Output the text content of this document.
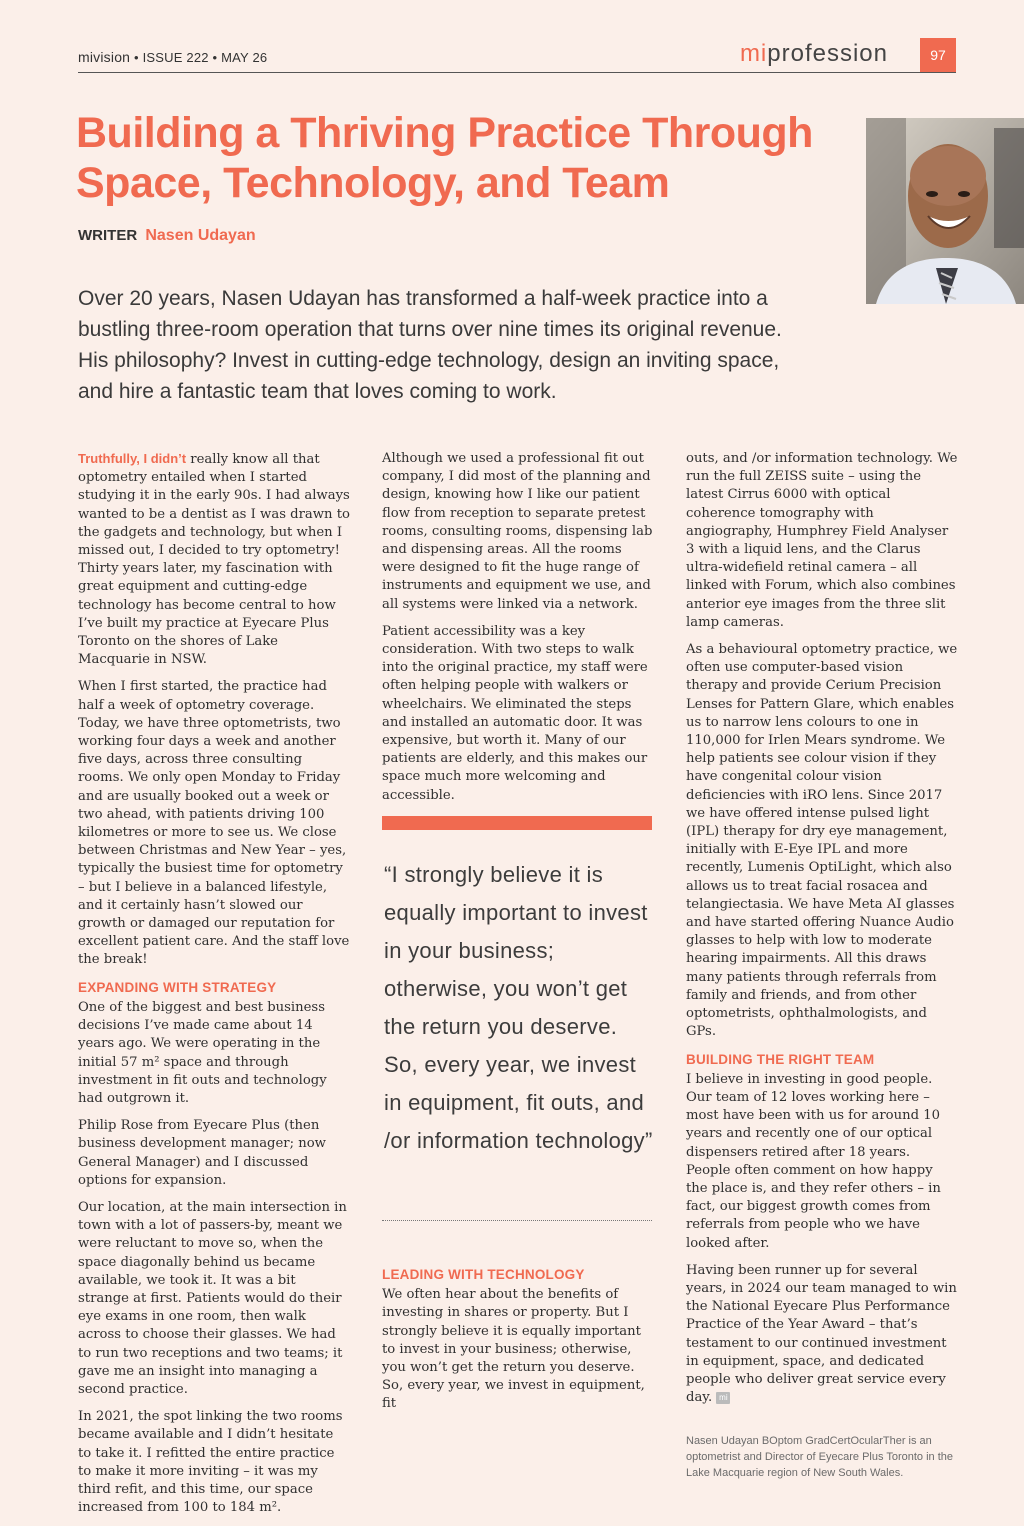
mivision • ISSUE 222 • MAY 26	miprofession	97
Building a Thriving Practice Through Space, Technology, and Team
WRITER Nasen Udayan

Over 20 years, Nasen Udayan has transformed a half-week practice into a bustling three-room operation that turns over nine times its original revenue. His philosophy? Invest in cutting-edge technology, design an inviting space, and hire a fantastic team that loves coming to work.

Truthfully, I didn’t really know all that optometry entailed when I started studying it in the early 90s. I had always wanted to be a dentist as I was drawn to the gadgets and technology, but when I missed out, I decided to try optometry! Thirty years later, my fascination with great equipment and cutting-edge technology has become central to how I’ve built my practice at Eyecare Plus Toronto on the shores of Lake Macquarie in NSW.

When I first started, the practice had half a week of optometry coverage. Today, we have three optometrists, two working four days a week and another five days, across three consulting rooms. We only open Monday to Friday and are usually booked out a week or two ahead, with patients driving 100 kilometres or more to see us. We close between Christmas and New Year – yes, typically the busiest time for optometry – but I believe in a balanced lifestyle, and it certainly hasn’t slowed our growth or damaged our reputation for excellent patient care. And the staff love the break!

EXPANDING WITH STRATEGY

One of the biggest and best business decisions I’ve made came about 14 years ago. We were operating in the initial 57 m² space and through investment in fit outs and technology had outgrown it.

Philip Rose from Eyecare Plus (then business development manager; now General Manager) and I discussed options for expansion.

Our location, at the main intersection in town with a lot of passers-by, meant we were reluctant to move so, when the space diagonally behind us became available, we took it. It was a bit strange at first. Patients would do their eye exams in one room, then walk across to choose their glasses. We had to run two receptions and two teams; it gave me an insight into managing a second practice.

In 2021, the spot linking the two rooms became available and I didn’t hesitate to take it. I refitted the entire practice to make it more inviting – it was my third refit, and this time, our space increased from 100 to 184 m².

Although we used a professional fit out company, I did most of the planning and design, knowing how I like our patient flow from reception to separate pretest rooms, consulting rooms, dispensing lab and dispensing areas. All the rooms were designed to fit the huge range of instruments and equipment we use, and all systems were linked via a network.

Patient accessibility was a key consideration. With two steps to walk into the original practice, my staff were often helping people with walkers or wheelchairs. We eliminated the steps and installed an automatic door. It was expensive, but worth it. Many of our patients are elderly, and this makes our space much more welcoming and accessible.

“I strongly believe it is equally important to invest in your business; otherwise, you won’t get the return you deserve. So, every year, we invest in equipment, fit outs, and /or information technology”
LEADING WITH TECHNOLOGY

We often hear about the benefits of investing in shares or property. But I strongly believe it is equally important to invest in your business; otherwise, you won’t get the return you deserve. So, every year, we invest in equipment, fit

outs, and /or information technology. We run the full ZEISS suite – using the latest Cirrus 6000 with optical coherence tomography with angiography, Humphrey Field Analyser 3 with a liquid lens, and the Clarus ultra-widefield retinal camera – all linked with Forum, which also combines anterior eye images from the three slit lamp cameras.

As a behavioural optometry practice, we often use computer-based vision therapy and provide Cerium Precision Lenses for Pattern Glare, which enables us to narrow lens colours to one in 110,000 for Irlen Mears syndrome. We help patients see colour vision if they have congenital colour vision deficiencies with iRO lens. Since 2017 we have offered intense pulsed light (IPL) therapy for dry eye management, initially with E-Eye IPL and more recently, Lumenis OptiLight, which also allows us to treat facial rosacea and telangiectasia. We have Meta AI glasses and have started offering Nuance Audio glasses to help with low to moderate hearing impairments. All this draws many patients through referrals from family and friends, and from other optometrists, ophthalmologists, and GPs.

BUILDING THE RIGHT TEAM

I believe in investing in good people. Our team of 12 loves working here – most have been with us for around 10 years and recently one of our optical dispensers retired after 18 years. People often comment on how happy the place is, and they refer others – in fact, our biggest growth comes from referrals from people who we have looked after.

Having been runner up for several years, in 2024 our team managed to win the National Eyecare Plus Performance Practice of the Year Award – that’s testament to our continued investment in equipment, space, and dedicated people who deliver great service every day. mi

Nasen Udayan BOptom GradCertOcularTher is an optometrist and Director of Eyecare Plus Toronto in the Lake Macquarie region of New South Wales.
